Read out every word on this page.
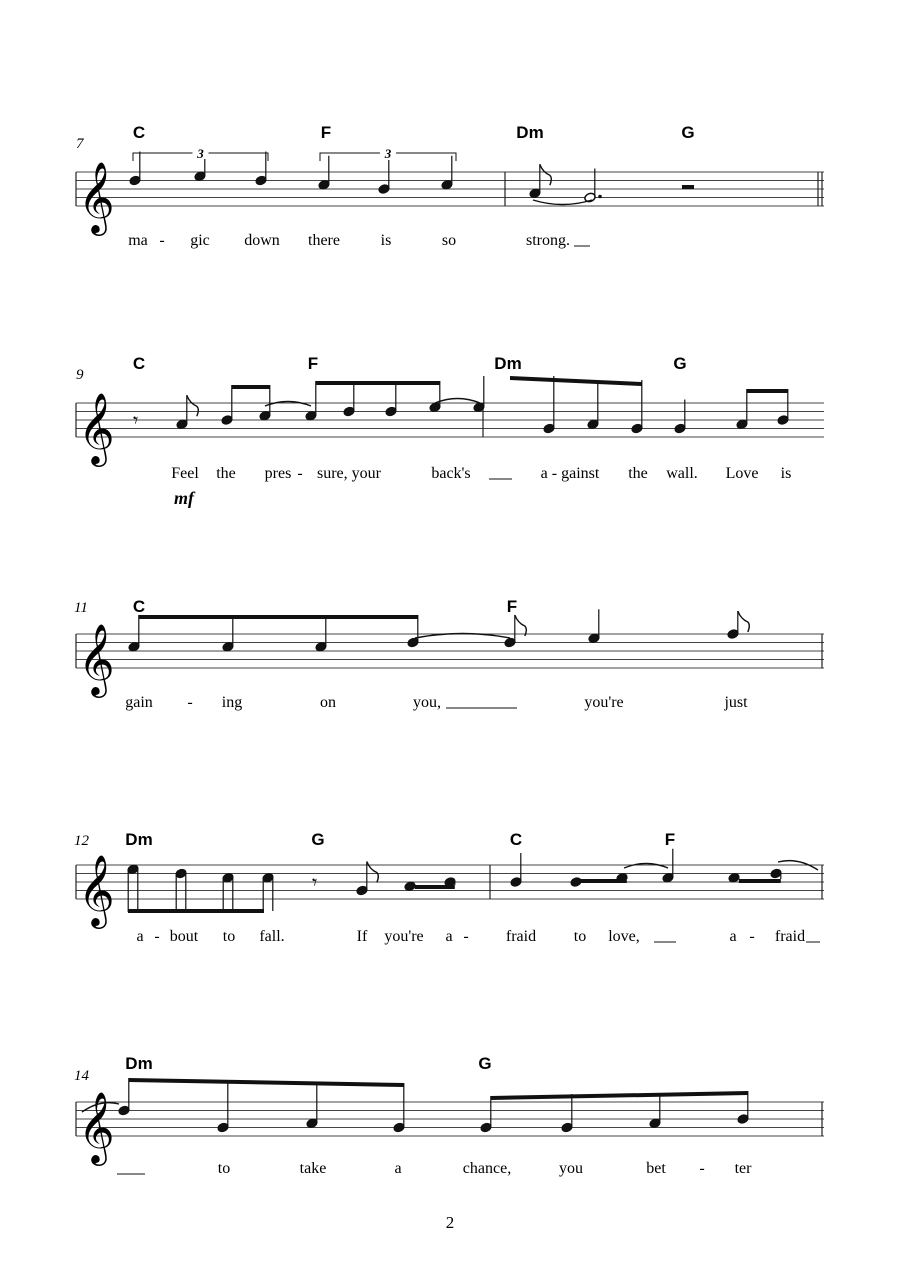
𝄞
𝄞
𝄞
𝄞
𝄞
𝄾
𝄾
7
C	F	Dm	G
3	3
ma - gic down there	is	so	strong.
9
C	F	Dm	G
Feel the pres - sure, your	back's	a - gainst the wall. Love is
mf
11	C	F
gain - ing	on	you,	you're	just
12 Dm	G	C	F
a - bout to fall.	If you're a - fraid to love,	a - fraid
14
Dm	G
to	take	a	chance,	you	bet - ter
2
